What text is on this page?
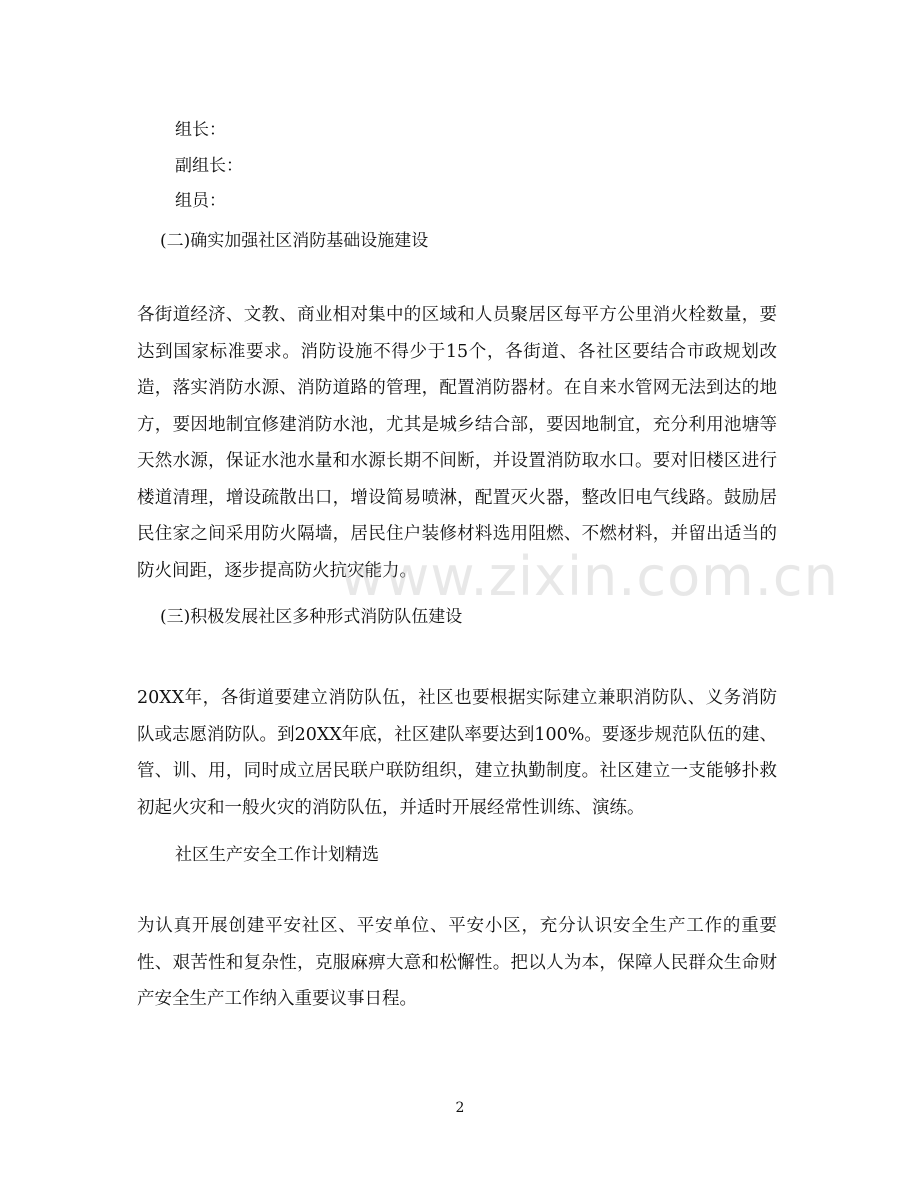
组长：
副组长：
组员：
(二)确实加强社区消防基础设施建设
各街道经济、文教、商业相对集中的区域和人员聚居区每平方公里消火栓数量，要达到国家标准要求。消防设施不得少于15个，各街道、各社区要结合市政规划改造，落实消防水源、消防道路的管理，配置消防器材。在自来水管网无法到达的地方，要因地制宜修建消防水池，尤其是城乡结合部，要因地制宜，充分利用池塘等天然水源，保证水池水量和水源长期不间断，并设置消防取水口。要对旧楼区进行楼道清理，增设疏散出口，增设简易喷淋，配置灭火器，整改旧电气线路。鼓励居民住家之间采用防火隔墙，居民住户装修材料选用阻燃、不燃材料，并留出适当的防火间距，逐步提高防火抗灾能力。
(三)积极发展社区多种形式消防队伍建设
20XX年，各街道要建立消防队伍，社区也要根据实际建立兼职消防队、义务消防队或志愿消防队。到20XX年底，社区建队率要达到100%。要逐步规范队伍的建、管、训、用，同时成立居民联户联防组织，建立执勤制度。社区建立一支能够扑救初起火灾和一般火灾的消防队伍，并适时开展经常性训练、演练。
社区生产安全工作计划精选
为认真开展创建平安社区、平安单位、平安小区，充分认识安全生产工作的重要性、艰苦性和复杂性，克服麻痹大意和松懈性。把以人为本，保障人民群众生命财产安全生产工作纳入重要议事日程。
www.zixin.com.cn
2
